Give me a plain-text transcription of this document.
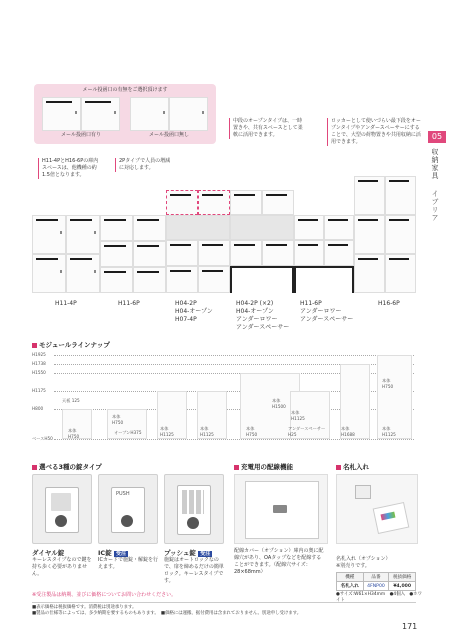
05
収納家具
イブリア
メール投函口の有無をご選択頂けます
メール投函口有り	メール投函口無し
H11-4PとH16-6Pの庫内スペースは、他機種の約1.5倍となります。
2Pタイプで人員の増減に対応します。
中段のオープンタイプは、一時置きや、共有スペースとして柔軟に活用できます。
ロッカーとして使いづらい最下段をオープンタイプやアンダースペーサーにすることで、大型の荷物置きや共用収納に活用できます。
H11-4P	H11-6P	H04-2P
H04-オープン
H07-4P
H04-2P (×2)
H04-オープン
アンダーロワー
アンダースペーサー
H11-6P
アンダーロワー
アンダースペーサー
H16-6P
モジュールラインナップ
H1925
H1738
H1550
H1175
H800
ベースH50
天板 125
本体
H750
本体
H750
オープンH375
本体
H1125
本体
H1125
本体
H750
本体
H1500
本体
H1125
アンダースペーサー
H25
本体
H1688
本体
H750
本体
H1125
選べる3種の錠タイプ
PUSH
ダイヤル錠
キーレスタイプなので鍵を持ち歩く必要がありません。
IC錠 受注
ICカードで施錠・解錠を行えます。
プッシュ錠 受注
施錠はオートロックなので、扉を締めるだけの簡単ロック。キーレスタイプです。
※受注製品は納期、並びに価格についてお問い合わせください。
充電用の配線機能
配線カバー（オプション）庫内の奥に配線穴があり、OAタップなどを配線することができます。（配線穴サイズ：28×68mm）
名札入れ
名札入れ（オプション）
※別売りです。
機種	品番	税抜価格
名札入れ	4FNP00	¥4,000
●サイズ:W61×H34mm　●4個入　●ホワイト
■表示価格は税抜価格です。消費税は別途承ります。
■製品の仕様等によっては、多少納期を要するものもあります。　■価格には運搬、据付費用は含まれておりません。別途申し受けます。
171
